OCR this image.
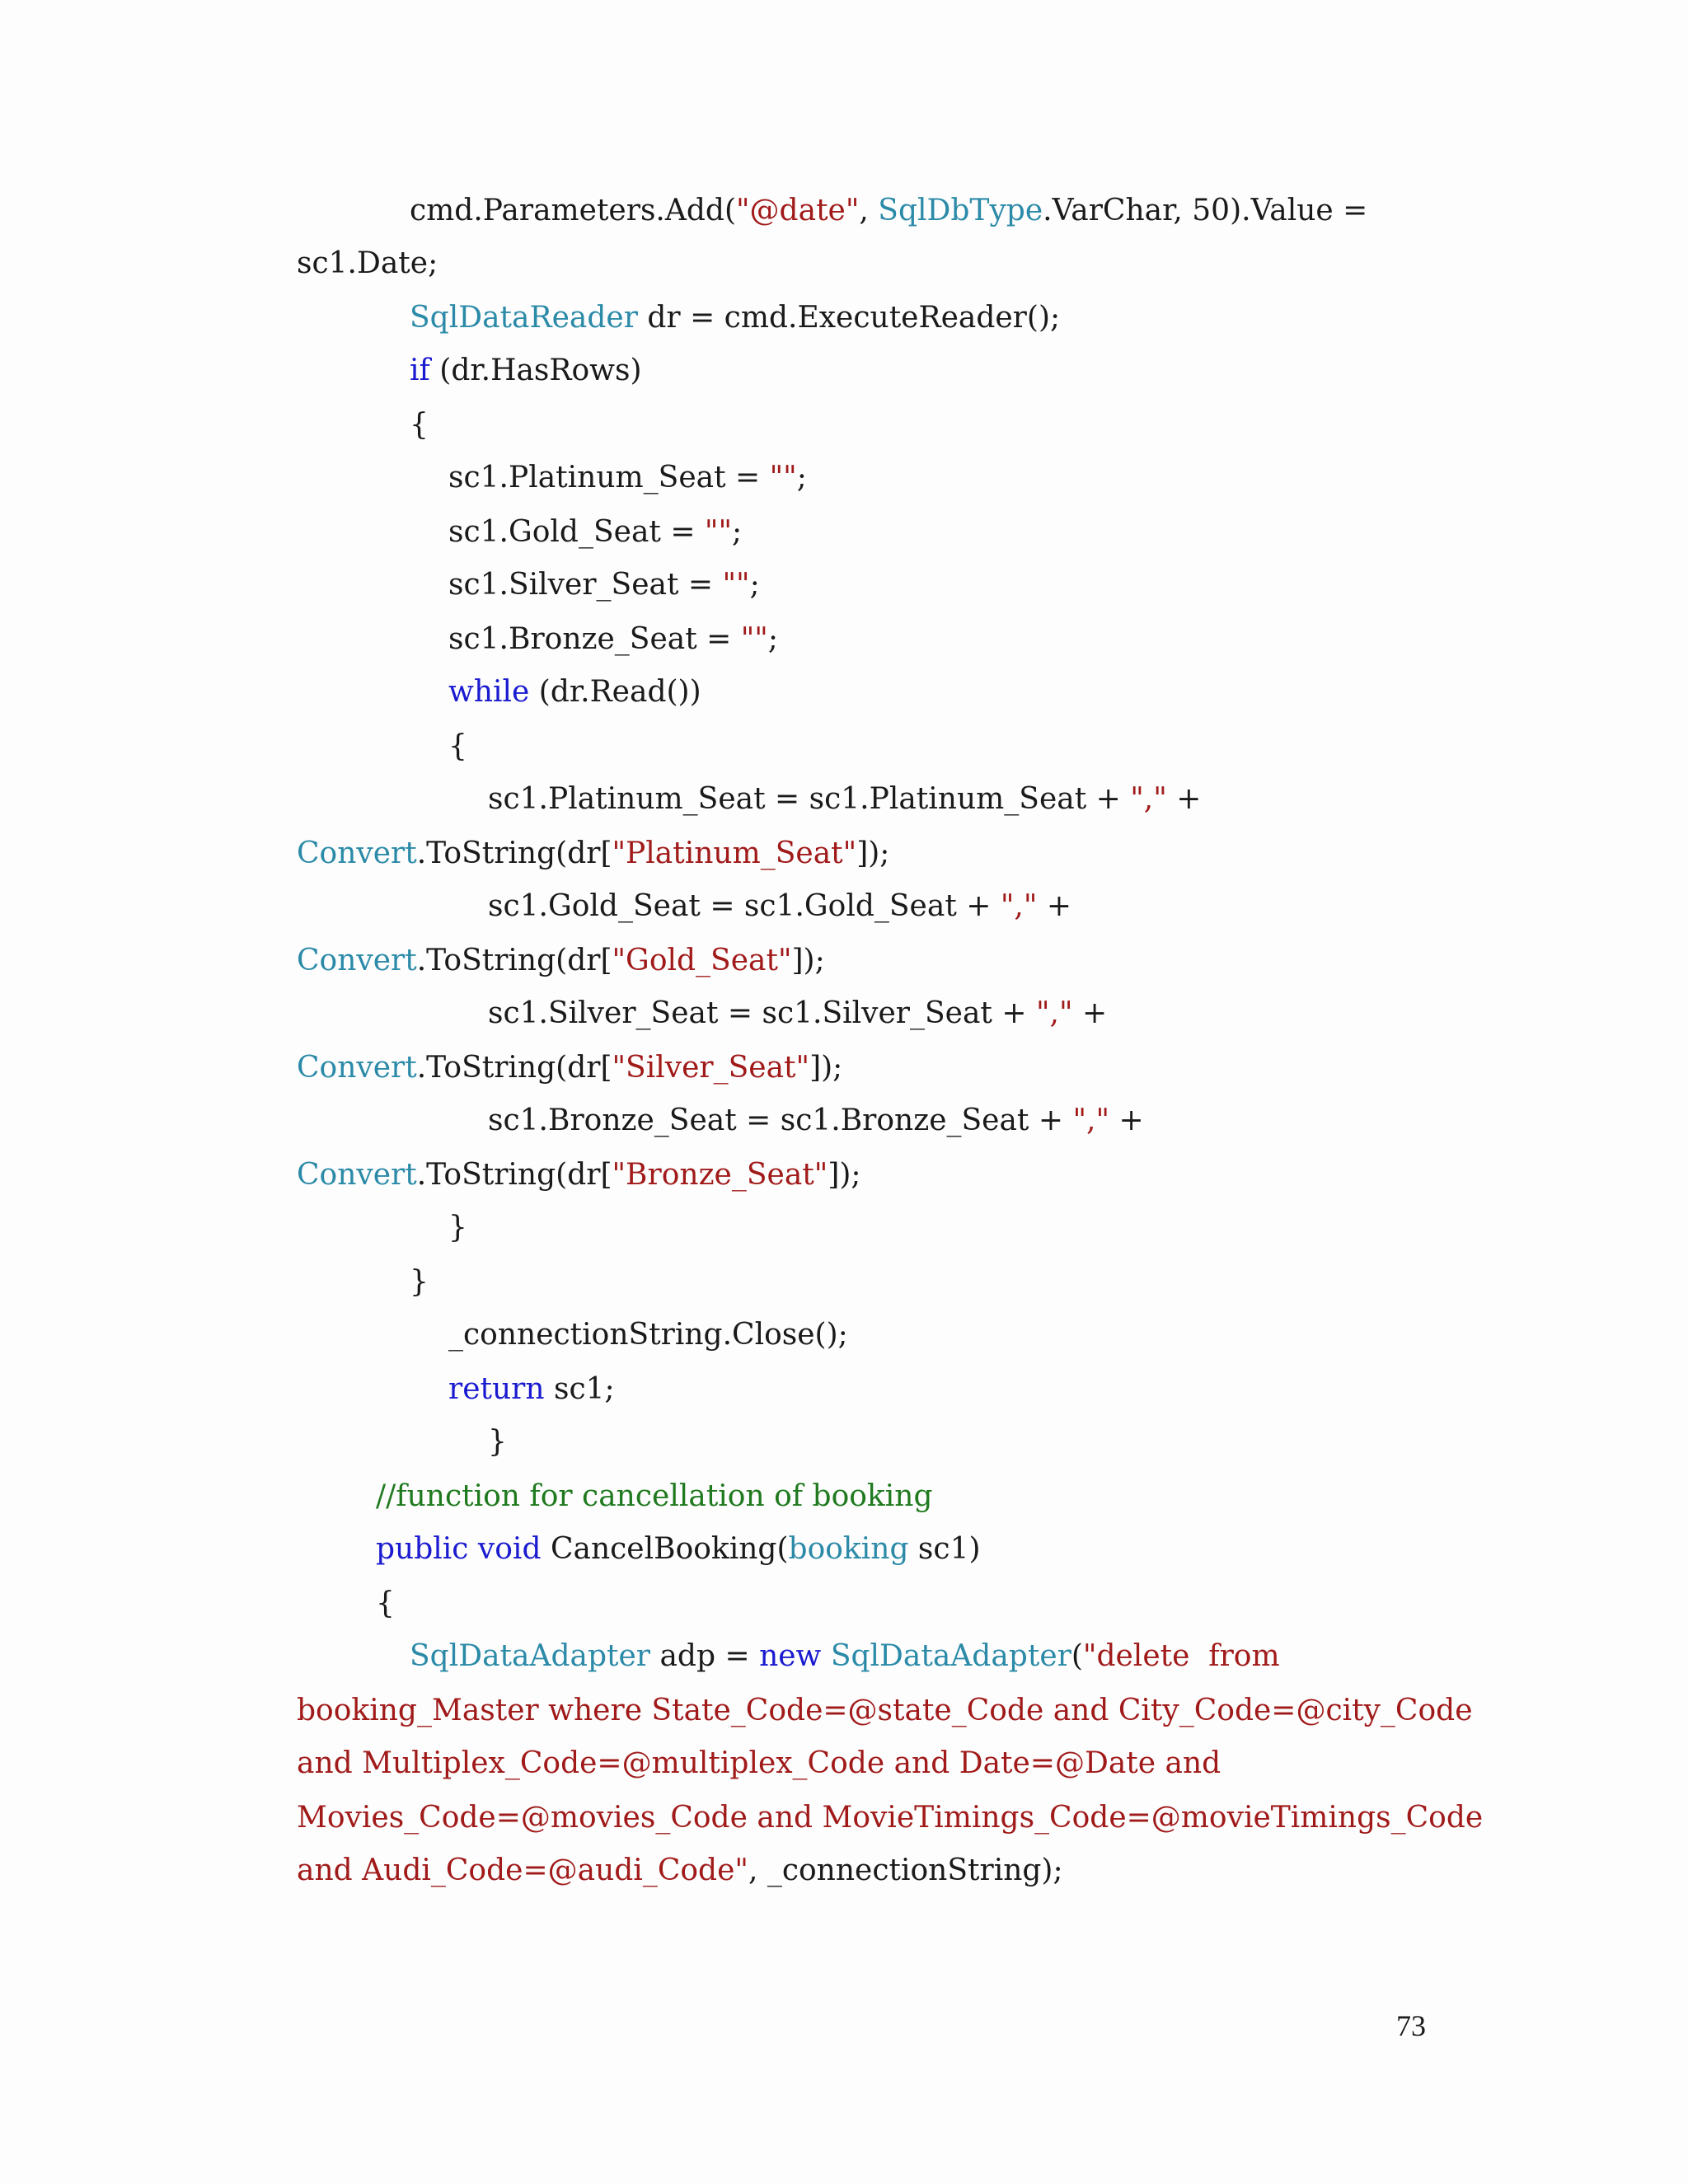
cmd.Parameters.Add("@date", SqlDbType.VarChar, 50).Value =
sc1.Date;
SqlDataReader dr = cmd.ExecuteReader();
if (dr.HasRows)
{
sc1.Platinum_Seat = "";
sc1.Gold_Seat = "";
sc1.Silver_Seat = "";
sc1.Bronze_Seat = "";
while (dr.Read())
{
sc1.Platinum_Seat = sc1.Platinum_Seat + "," +
Convert.ToString(dr["Platinum_Seat"]);
sc1.Gold_Seat = sc1.Gold_Seat + "," +
Convert.ToString(dr["Gold_Seat"]);
sc1.Silver_Seat = sc1.Silver_Seat + "," +
Convert.ToString(dr["Silver_Seat"]);
sc1.Bronze_Seat = sc1.Bronze_Seat + "," +
Convert.ToString(dr["Bronze_Seat"]);
}
}
_connectionString.Close();
return sc1;
}
//function for cancellation of booking
public void CancelBooking(booking sc1)
{
SqlDataAdapter adp = new SqlDataAdapter("delete  from
booking_Master where State_Code=@state_Code and City_Code=@city_Code
and Multiplex_Code=@multiplex_Code and Date=@Date and
Movies_Code=@movies_Code and MovieTimings_Code=@movieTimings_Code
and Audi_Code=@audi_Code", _connectionString);
73
